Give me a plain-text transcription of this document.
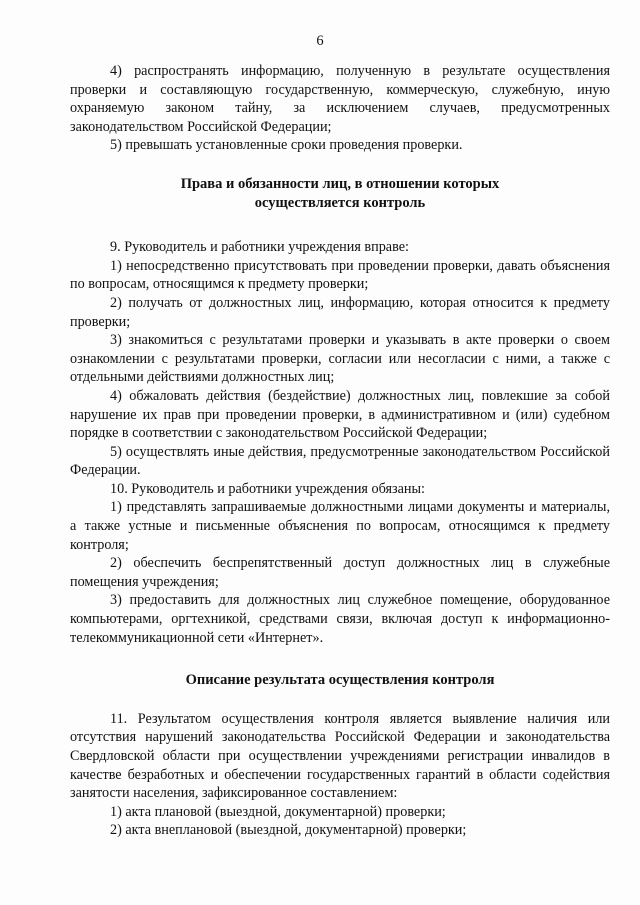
6

4) распространять информацию, полученную в результате осуществления проверки и составляющую государственную, коммерческую, служебную, иную охраняемую законом тайну, за исключением случаев, предусмотренных законодательством Российской Федерации;

5) превышать установленные сроки проведения проверки.

Права и обязанности лиц, в отношении которых
осуществляется контроль

9. Руководитель и работники учреждения вправе:

1) непосредственно присутствовать при проведении проверки, давать объяснения по вопросам, относящимся к предмету проверки;

2) получать от должностных лиц, информацию, которая относится к предмету проверки;

3) знакомиться с результатами проверки и указывать в акте проверки о своем ознакомлении с результатами проверки, согласии или несогласии с ними, а также с отдельными действиями должностных лиц;

4) обжаловать действия (бездействие) должностных лиц, повлекшие за собой нарушение их прав при проведении проверки, в административном и (или) судебном порядке в соответствии с законодательством Российской Федерации;

5) осуществлять иные действия, предусмотренные законодательством Российской Федерации.

10. Руководитель и работники учреждения обязаны:

1) представлять запрашиваемые должностными лицами документы и материалы, а также устные и письменные объяснения по вопросам, относящимся к предмету контроля;

2) обеспечить беспрепятственный доступ должностных лиц в служебные помещения учреждения;

3) предоставить для должностных лиц служебное помещение, оборудованное компьютерами, оргтехникой, средствами связи, включая доступ к информационно-телекоммуникационной сети «Интернет».

Описание результата осуществления контроля

11. Результатом осуществления контроля является выявление наличия или отсутствия нарушений законодательства Российской Федерации и законодательства Свердловской области при осуществлении учреждениями регистрации инвалидов в качестве безработных и обеспечении государственных гарантий в области содействия занятости населения, зафиксированное составлением:

1) акта плановой (выездной, документарной) проверки;

2) акта внеплановой (выездной, документарной) проверки;
